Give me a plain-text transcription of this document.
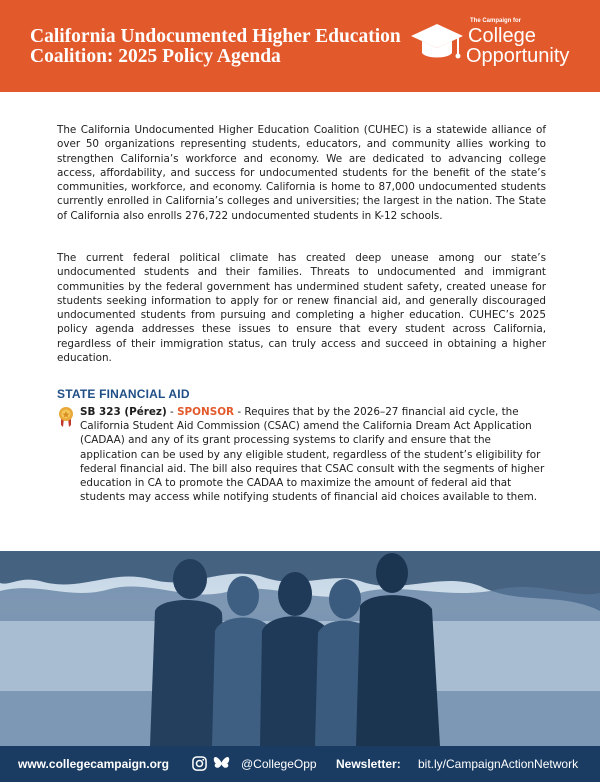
California Undocumented Higher Education Coalition: 2025 Policy Agenda
The Campaign for
College
Opportunity

The California Undocumented Higher Education Coalition (CUHEC) is a statewide alliance of over 50 organizations representing students, educators, and community allies working to strengthen California’s workforce and economy. We are dedicated to advancing college access, affordability, and success for undocumented students for the benefit of the state’s communities, workforce, and economy. California is home to 87,000 undocumented students currently enrolled in California’s colleges and universities; the largest in the nation. The State of California also enrolls 276,722 undocumented students in K-12 schools.

The current federal political climate has created deep unease among our state’s undocumented students and their families. Threats to undocumented and immigrant communities by the federal government has undermined student safety, created unease for students seeking information to apply for or renew financial aid, and generally discouraged undocumented students from pursuing and completing a higher education. CUHEC’s 2025 policy agenda addresses these issues to ensure that every student across California, regardless of their immigration status, can truly access and succeed in obtaining a higher education.

STATE FINANCIAL AID

SB 323 (Pérez) - SPONSOR - Requires that by the 2026–27 financial aid cycle, the California Student Aid Commission (CSAC) amend the California Dream Act Application (CADAA) and any of its grant processing systems to clarify and ensure that the application can be used by any eligible student, regardless of the student’s eligibility for federal financial aid. The bill also requires that CSAC consult with the segments of higher education in CA to promote the CADAA to maximize the amount of federal aid that students may access while notifying students of financial aid choices available to them.

www.collegecampaign.org	@CollegeOpp Newsletter: bit.ly/CampaignActionNetwork
